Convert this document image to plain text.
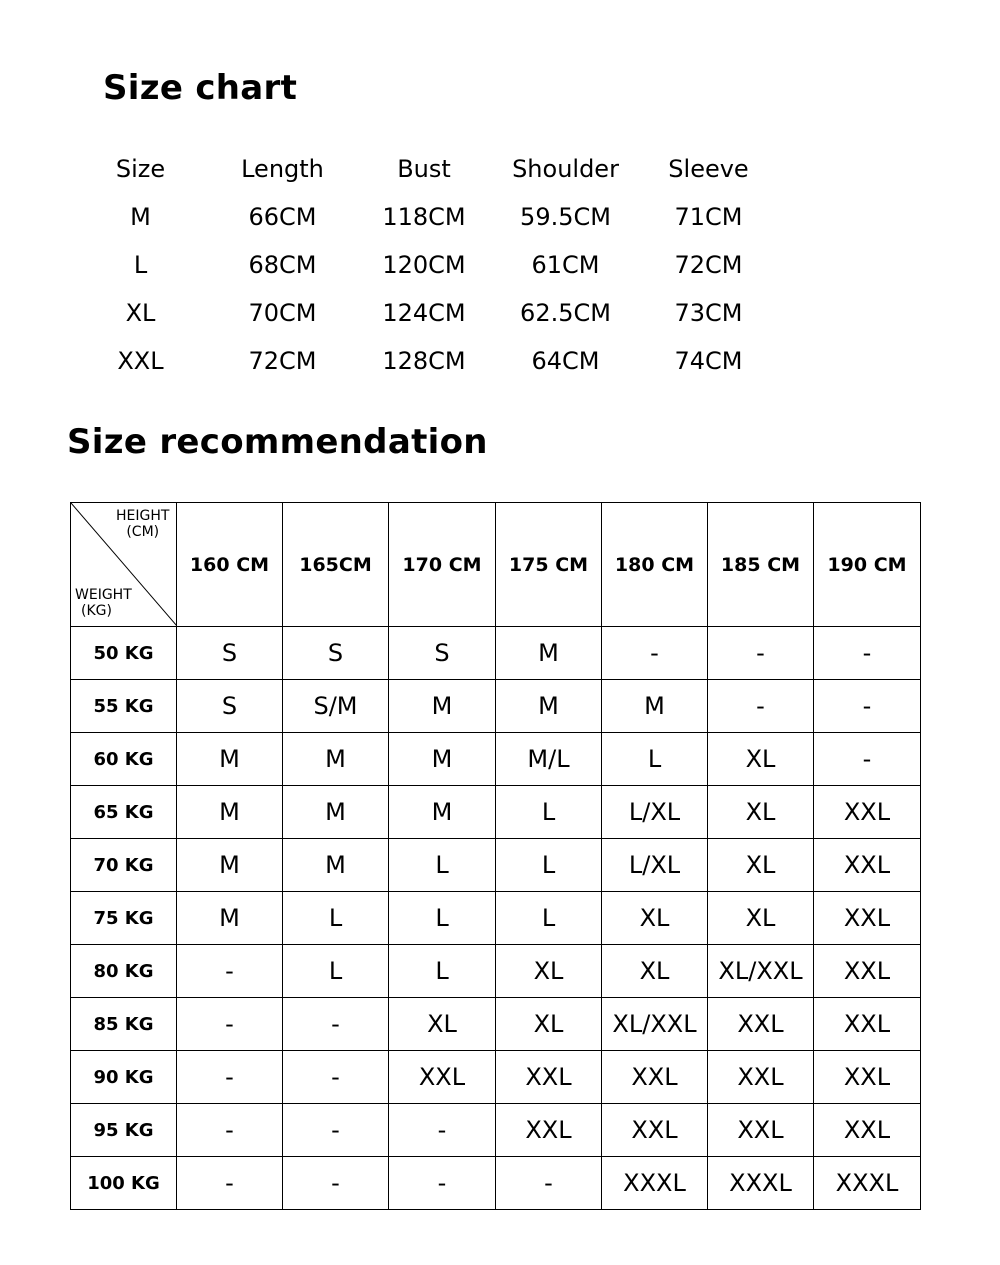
Size chart
Size	Length	Bust	Shoulder	Sleeve
M	66CM	118CM	59.5CM	71CM
L	68CM	120CM	61CM	72CM
XL	70CM	124CM	62.5CM	73CM
XXL	72CM	128CM	64CM	74CM
Size recommendation
HEIGHT
(CM)
WEIGHT
(KG)	160 CM	165CM	170 CM	175 CM	180 CM	185 CM	190 CM
50 KG	S	S	S	M	-	-	-
55 KG	S	S/M	M	M	M	-	-
60 KG	M	M	M	M/L	L	XL	-
65 KG	M	M	M	L	L/XL	XL	XXL
70 KG	M	M	L	L	L/XL	XL	XXL
75 KG	M	L	L	L	XL	XL	XXL
80 KG	-	L	L	XL	XL	XL/XXL	XXL
85 KG	-	-	XL	XL	XL/XXL	XXL	XXL
90 KG	-	-	XXL	XXL	XXL	XXL	XXL
95 KG	-	-	-	XXL	XXL	XXL	XXL
100 KG	-	-	-	-	XXXL	XXXL	XXXL
